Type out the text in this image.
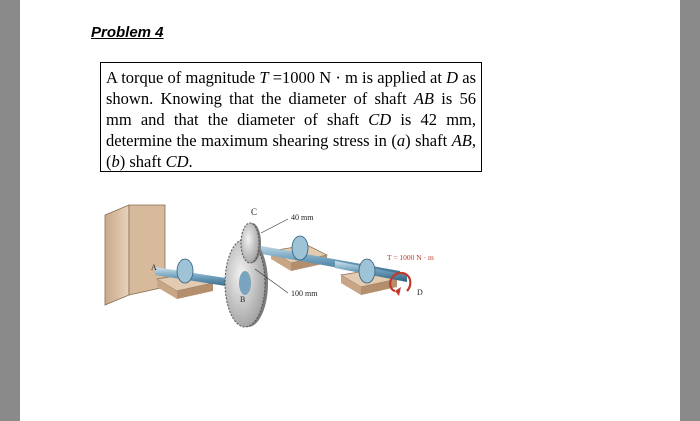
Problem 4
A torque of magnitude T =1000 N · m is applied at D as shown. Knowing that the diameter of shaft AB is 56 mm and that the diameter of shaft CD is 42 mm, determine the maximum shearing stress in (a) shaft AB, (b) shaft CD.
C
A
B
D
40 mm
100 mm
T = 1000 N · m
